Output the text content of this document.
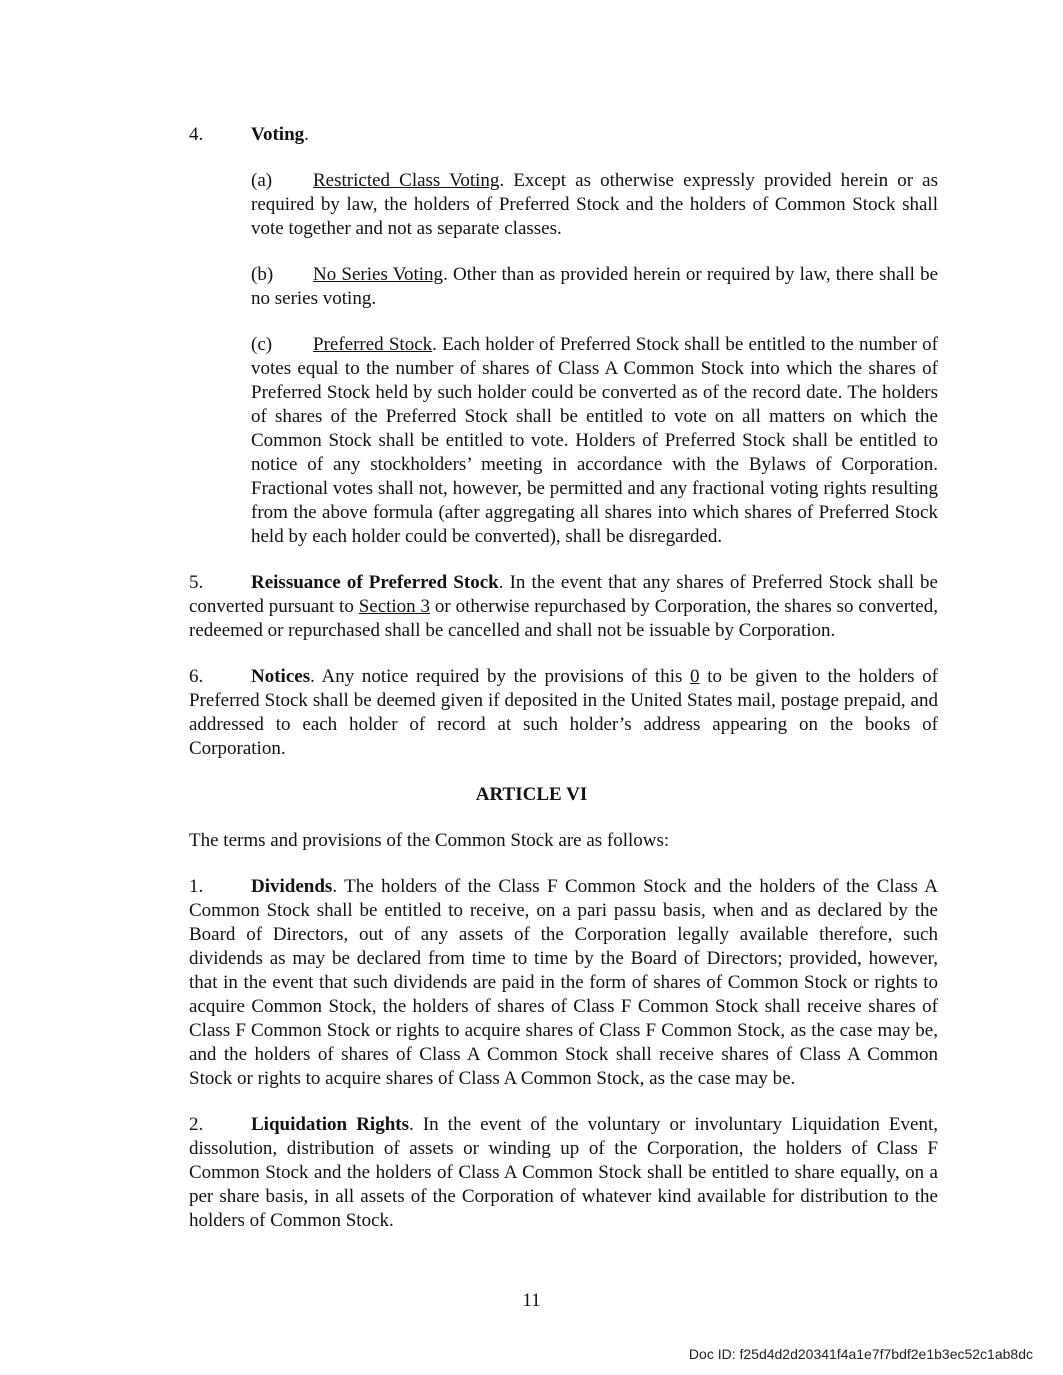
4.	Voting.

(a) Restricted Class Voting. Except as otherwise expressly provided herein or as required by law, the holders of Preferred Stock and the holders of Common Stock shall vote together and not as separate classes.

(b) No Series Voting. Other than as provided herein or required by law, there shall be no series voting.

(c) Preferred Stock. Each holder of Preferred Stock shall be entitled to the number of votes equal to the number of shares of Class A Common Stock into which the shares of Preferred Stock held by such holder could be converted as of the record date. The holders of shares of the Preferred Stock shall be entitled to vote on all matters on which the Common Stock shall be entitled to vote. Holders of Preferred Stock shall be entitled to notice of any stockholders’ meeting in accordance with the Bylaws of Corporation. Fractional votes shall not, however, be permitted and any fractional voting rights resulting from the above formula (after aggregating all shares into which shares of Preferred Stock held by each holder could be converted), shall be disregarded.

5.	Reissuance of Preferred Stock. In the event that any shares of Preferred Stock shall be converted pursuant to Section 3 or otherwise repurchased by Corporation, the shares so converted, redeemed or repurchased shall be cancelled and shall not be issuable by Corporation.

6.	Notices. Any notice required by the provisions of this 0 to be given to the holders of Preferred Stock shall be deemed given if deposited in the United States mail, postage prepaid, and addressed to each holder of record at such holder’s address appearing on the books of Corporation.

ARTICLE VI

The terms and provisions of the Common Stock are as follows:

1.	Dividends. The holders of the Class F Common Stock and the holders of the Class A Common Stock shall be entitled to receive, on a pari passu basis, when and as declared by the Board of Directors, out of any assets of the Corporation legally available therefore, such dividends as may be declared from time to time by the Board of Directors; provided, however, that in the event that such dividends are paid in the form of shares of Common Stock or rights to acquire Common Stock, the holders of shares of Class F Common Stock shall receive shares of Class F Common Stock or rights to acquire shares of Class F Common Stock, as the case may be, and the holders of shares of Class A Common Stock shall receive shares of Class A Common Stock or rights to acquire shares of Class A Common Stock, as the case may be.

2.	Liquidation Rights. In the event of the voluntary or involuntary Liquidation Event, dissolution, distribution of assets or winding up of the Corporation, the holders of Class F Common Stock and the holders of Class A Common Stock shall be entitled to share equally, on a per share basis, in all assets of the Corporation of whatever kind available for distribution to the holders of Common Stock.

11
Doc ID: f25d4d2d20341f4a1e7f7bdf2e1b3ec52c1ab8dc
